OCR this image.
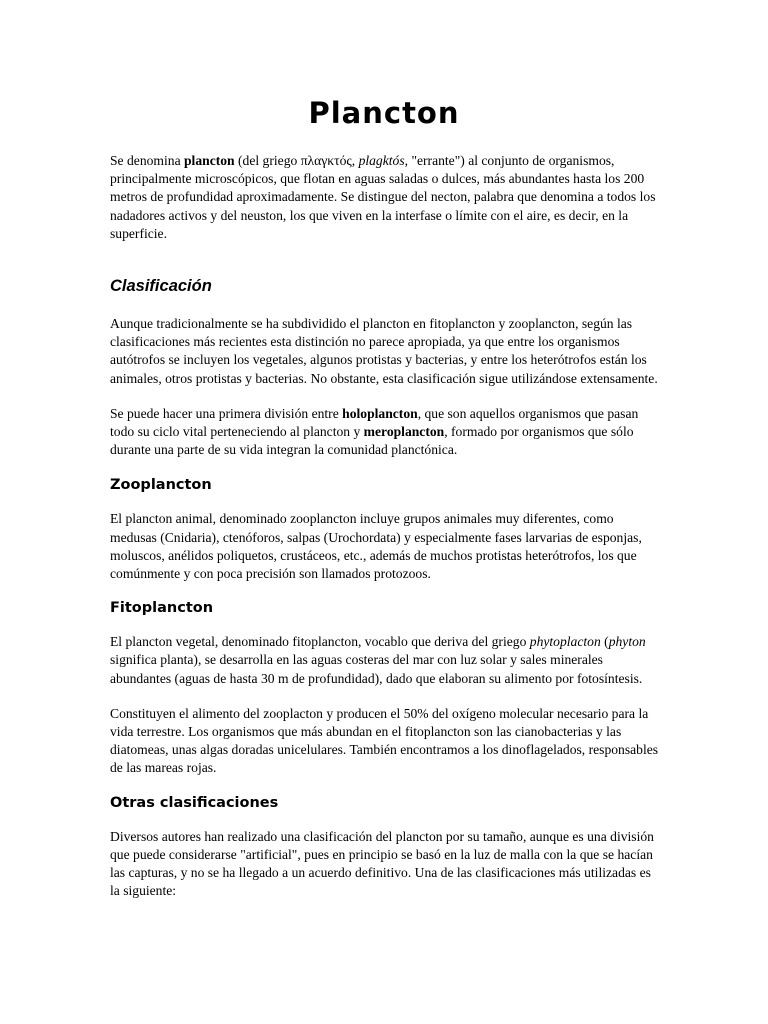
Plancton

Se denomina plancton (del griego πλαγκτός, plagktós, "errante") al conjunto de organismos, principalmente microscópicos, que flotan en aguas saladas o dulces, más abundantes hasta los 200 metros de profundidad aproximadamente. Se distingue del necton, palabra que denomina a todos los nadadores activos y del neuston, los que viven en la interfase o límite con el aire, es decir, en la superficie.

Clasificación

Aunque tradicionalmente se ha subdividido el plancton en fitoplancton y zooplancton, según las clasificaciones más recientes esta distinción no parece apropiada, ya que entre los organismos autótrofos se incluyen los vegetales, algunos protistas y bacterias, y entre los heterótrofos están los animales, otros protistas y bacterias. No obstante, esta clasificación sigue utilizándose extensamente.

Se puede hacer una primera división entre holoplancton, que son aquellos organismos que pasan todo su ciclo vital perteneciendo al plancton y meroplancton, formado por organismos que sólo durante una parte de su vida integran la comunidad planctónica.

Zooplancton

El plancton animal, denominado zooplancton incluye grupos animales muy diferentes, como medusas (Cnidaria), ctenóforos, salpas (Urochordata) y especialmente fases larvarias de esponjas, moluscos, anélidos poliquetos, crustáceos, etc., además de muchos protistas heterótrofos, los que comúnmente y con poca precisión son llamados protozoos.

Fitoplancton

El plancton vegetal, denominado fitoplancton, vocablo que deriva del griego phytoplacton (phyton significa planta), se desarrolla en las aguas costeras del mar con luz solar y sales minerales abundantes (aguas de hasta 30 m de profundidad), dado que elaboran su alimento por fotosíntesis.

Constituyen el alimento del zooplacton y producen el 50% del oxígeno molecular necesario para la vida terrestre. Los organismos que más abundan en el fitoplancton son las cianobacterias y las diatomeas, unas algas doradas unicelulares. También encontramos a los dinoflagelados, responsables de las mareas rojas.

Otras clasificaciones

Diversos autores han realizado una clasificación del plancton por su tamaño, aunque es una división que puede considerarse "artificial", pues en principio se basó en la luz de malla con la que se hacían las capturas, y no se ha llegado a un acuerdo definitivo. Una de las clasificaciones más utilizadas es la siguiente:
